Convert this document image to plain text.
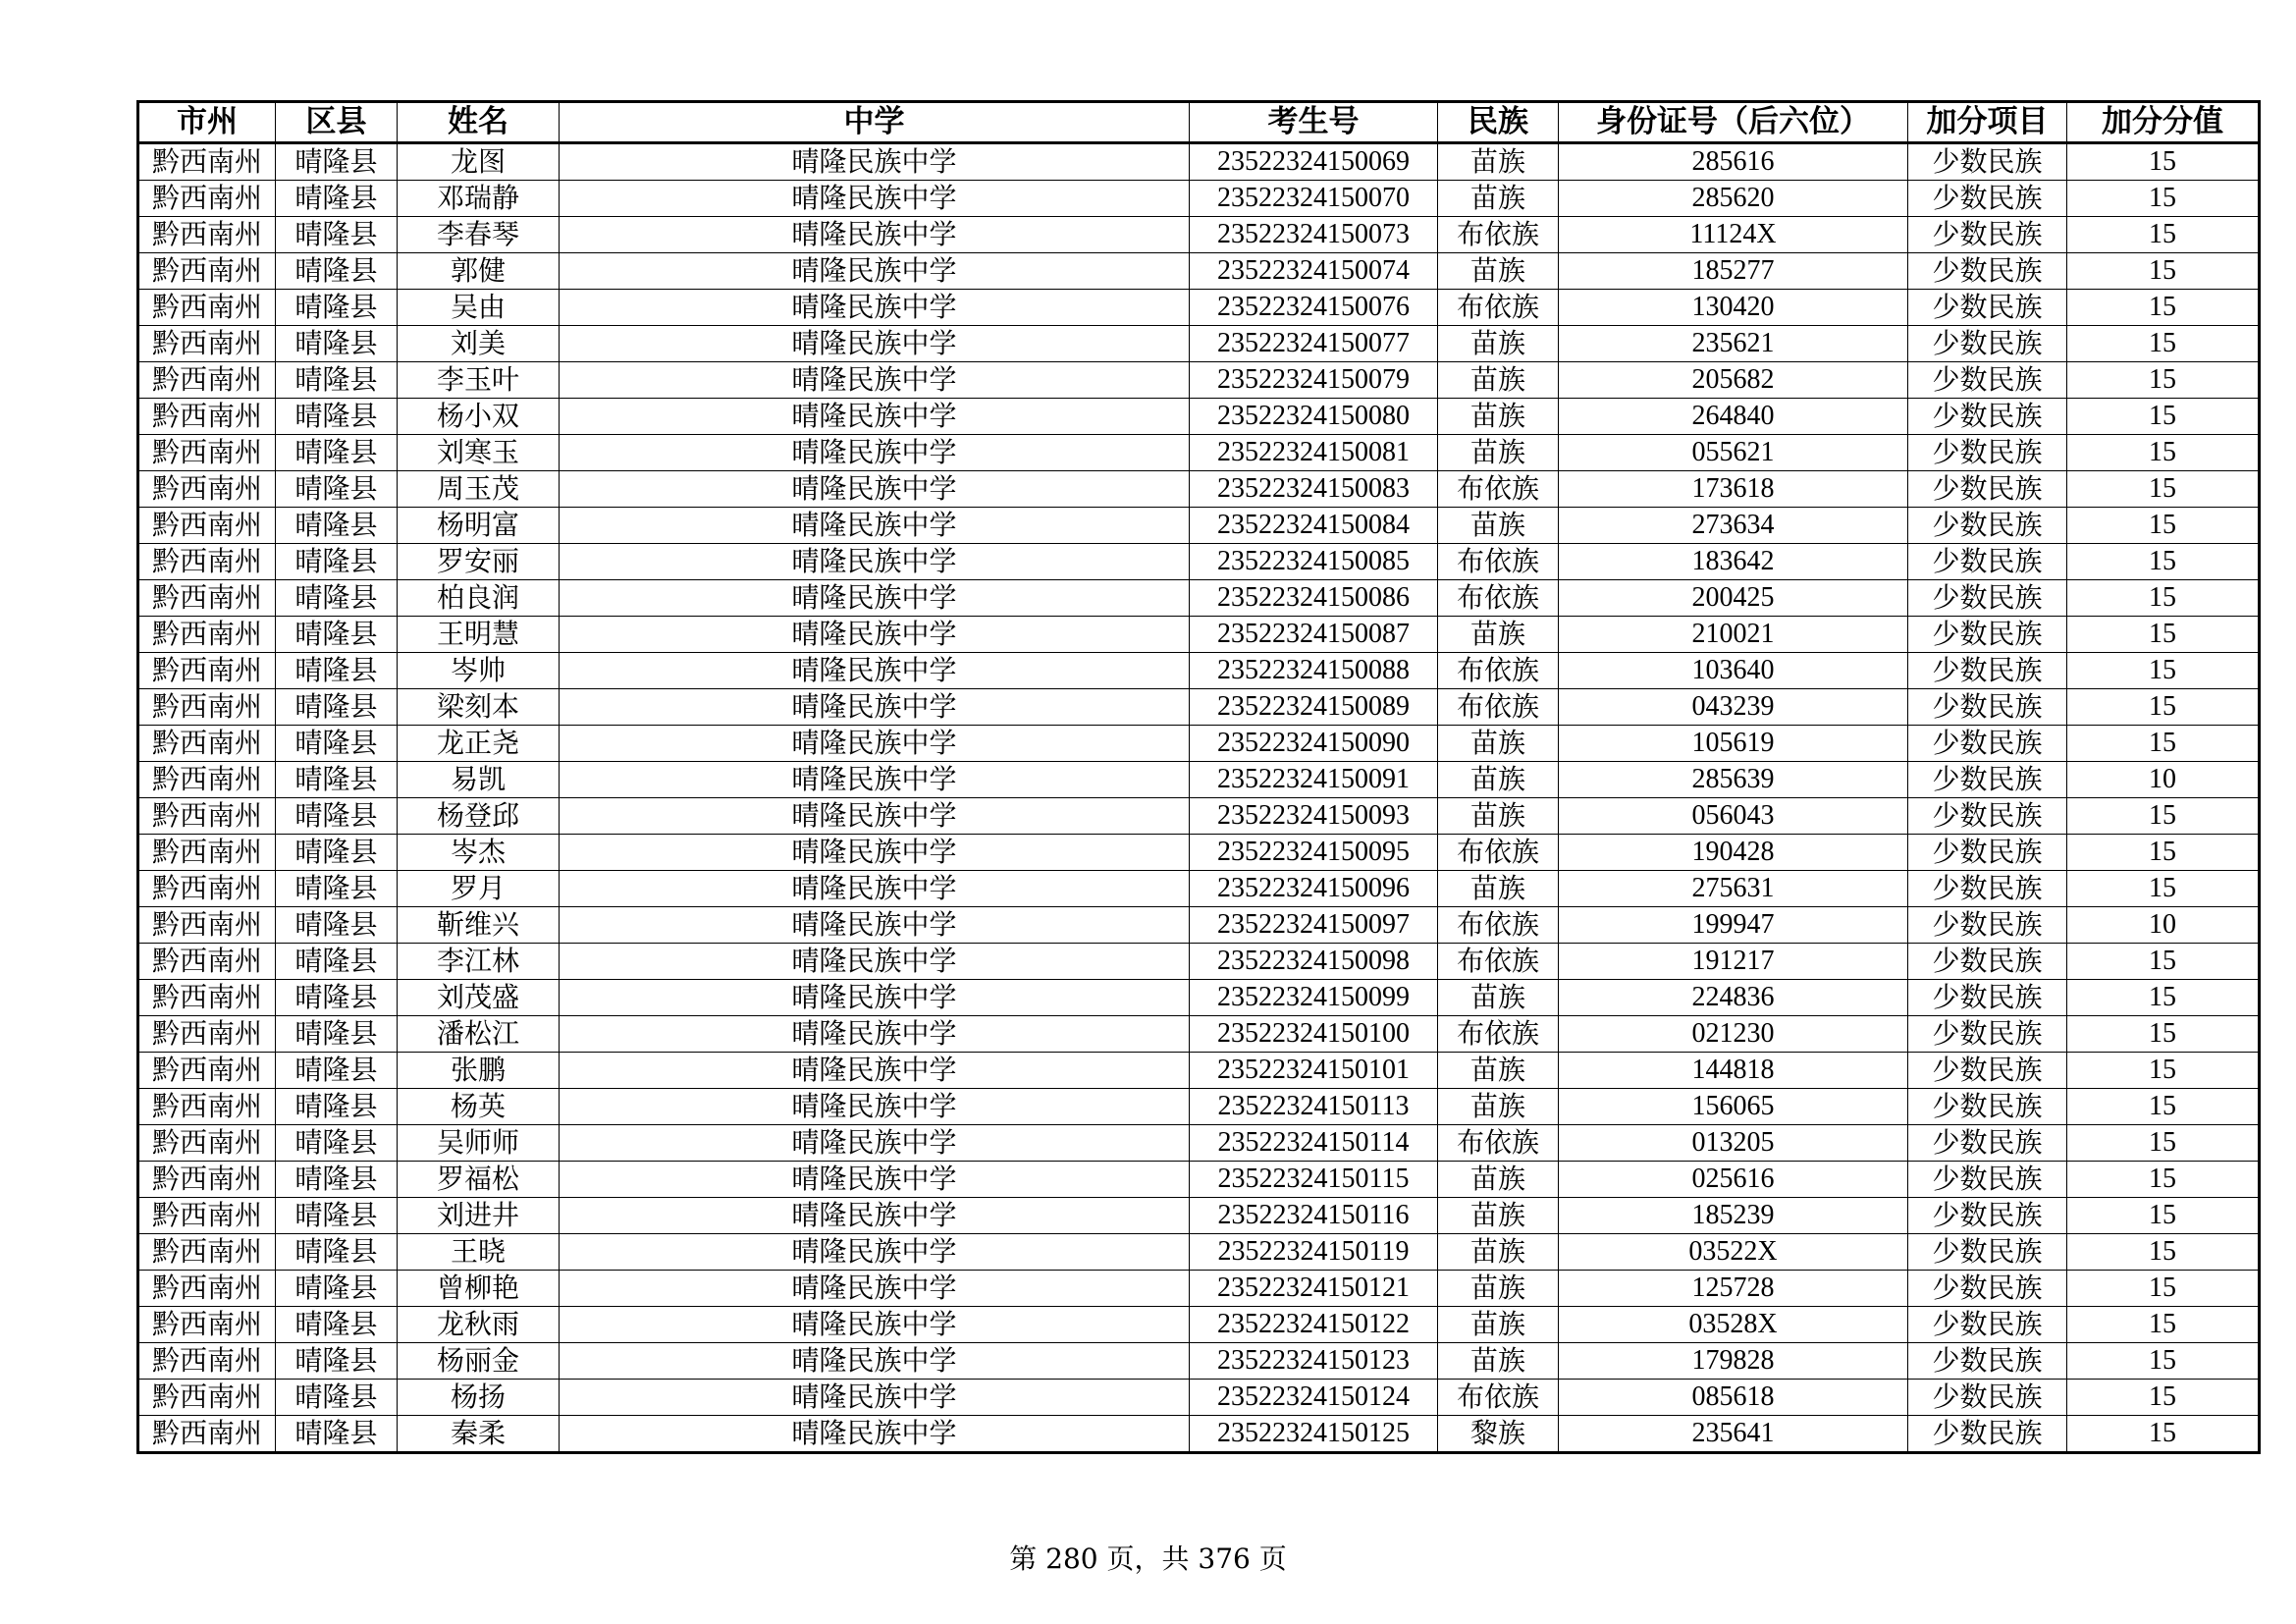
市州	区县	姓名	中学	考生号	民族	身份证号（后六位）	加分项目	加分分值
黔西南州	晴隆县	龙图	晴隆民族中学	23522324150069	苗族	285616	少数民族	15
黔西南州	晴隆县	邓瑞静	晴隆民族中学	23522324150070	苗族	285620	少数民族	15
黔西南州	晴隆县	李春琴	晴隆民族中学	23522324150073	布依族	11124X	少数民族	15
黔西南州	晴隆县	郭健	晴隆民族中学	23522324150074	苗族	185277	少数民族	15
黔西南州	晴隆县	吴由	晴隆民族中学	23522324150076	布依族	130420	少数民族	15
黔西南州	晴隆县	刘美	晴隆民族中学	23522324150077	苗族	235621	少数民族	15
黔西南州	晴隆县	李玉叶	晴隆民族中学	23522324150079	苗族	205682	少数民族	15
黔西南州	晴隆县	杨小双	晴隆民族中学	23522324150080	苗族	264840	少数民族	15
黔西南州	晴隆县	刘寒玉	晴隆民族中学	23522324150081	苗族	055621	少数民族	15
黔西南州	晴隆县	周玉茂	晴隆民族中学	23522324150083	布依族	173618	少数民族	15
黔西南州	晴隆县	杨明富	晴隆民族中学	23522324150084	苗族	273634	少数民族	15
黔西南州	晴隆县	罗安丽	晴隆民族中学	23522324150085	布依族	183642	少数民族	15
黔西南州	晴隆县	柏良润	晴隆民族中学	23522324150086	布依族	200425	少数民族	15
黔西南州	晴隆县	王明慧	晴隆民族中学	23522324150087	苗族	210021	少数民族	15
黔西南州	晴隆县	岑帅	晴隆民族中学	23522324150088	布依族	103640	少数民族	15
黔西南州	晴隆县	梁刻本	晴隆民族中学	23522324150089	布依族	043239	少数民族	15
黔西南州	晴隆县	龙正尧	晴隆民族中学	23522324150090	苗族	105619	少数民族	15
黔西南州	晴隆县	易凯	晴隆民族中学	23522324150091	苗族	285639	少数民族	10
黔西南州	晴隆县	杨登邱	晴隆民族中学	23522324150093	苗族	056043	少数民族	15
黔西南州	晴隆县	岑杰	晴隆民族中学	23522324150095	布依族	190428	少数民族	15
黔西南州	晴隆县	罗月	晴隆民族中学	23522324150096	苗族	275631	少数民族	15
黔西南州	晴隆县	靳维兴	晴隆民族中学	23522324150097	布依族	199947	少数民族	10
黔西南州	晴隆县	李江林	晴隆民族中学	23522324150098	布依族	191217	少数民族	15
黔西南州	晴隆县	刘茂盛	晴隆民族中学	23522324150099	苗族	224836	少数民族	15
黔西南州	晴隆县	潘松江	晴隆民族中学	23522324150100	布依族	021230	少数民族	15
黔西南州	晴隆县	张鹏	晴隆民族中学	23522324150101	苗族	144818	少数民族	15
黔西南州	晴隆县	杨英	晴隆民族中学	23522324150113	苗族	156065	少数民族	15
黔西南州	晴隆县	吴师师	晴隆民族中学	23522324150114	布依族	013205	少数民族	15
黔西南州	晴隆县	罗福松	晴隆民族中学	23522324150115	苗族	025616	少数民族	15
黔西南州	晴隆县	刘进井	晴隆民族中学	23522324150116	苗族	185239	少数民族	15
黔西南州	晴隆县	王晓	晴隆民族中学	23522324150119	苗族	03522X	少数民族	15
黔西南州	晴隆县	曾柳艳	晴隆民族中学	23522324150121	苗族	125728	少数民族	15
黔西南州	晴隆县	龙秋雨	晴隆民族中学	23522324150122	苗族	03528X	少数民族	15
黔西南州	晴隆县	杨丽金	晴隆民族中学	23522324150123	苗族	179828	少数民族	15
黔西南州	晴隆县	杨扬	晴隆民族中学	23522324150124	布依族	085618	少数民族	15
黔西南州	晴隆县	秦柔	晴隆民族中学	23522324150125	黎族	235641	少数民族	15
第 280 页，共 376 页
